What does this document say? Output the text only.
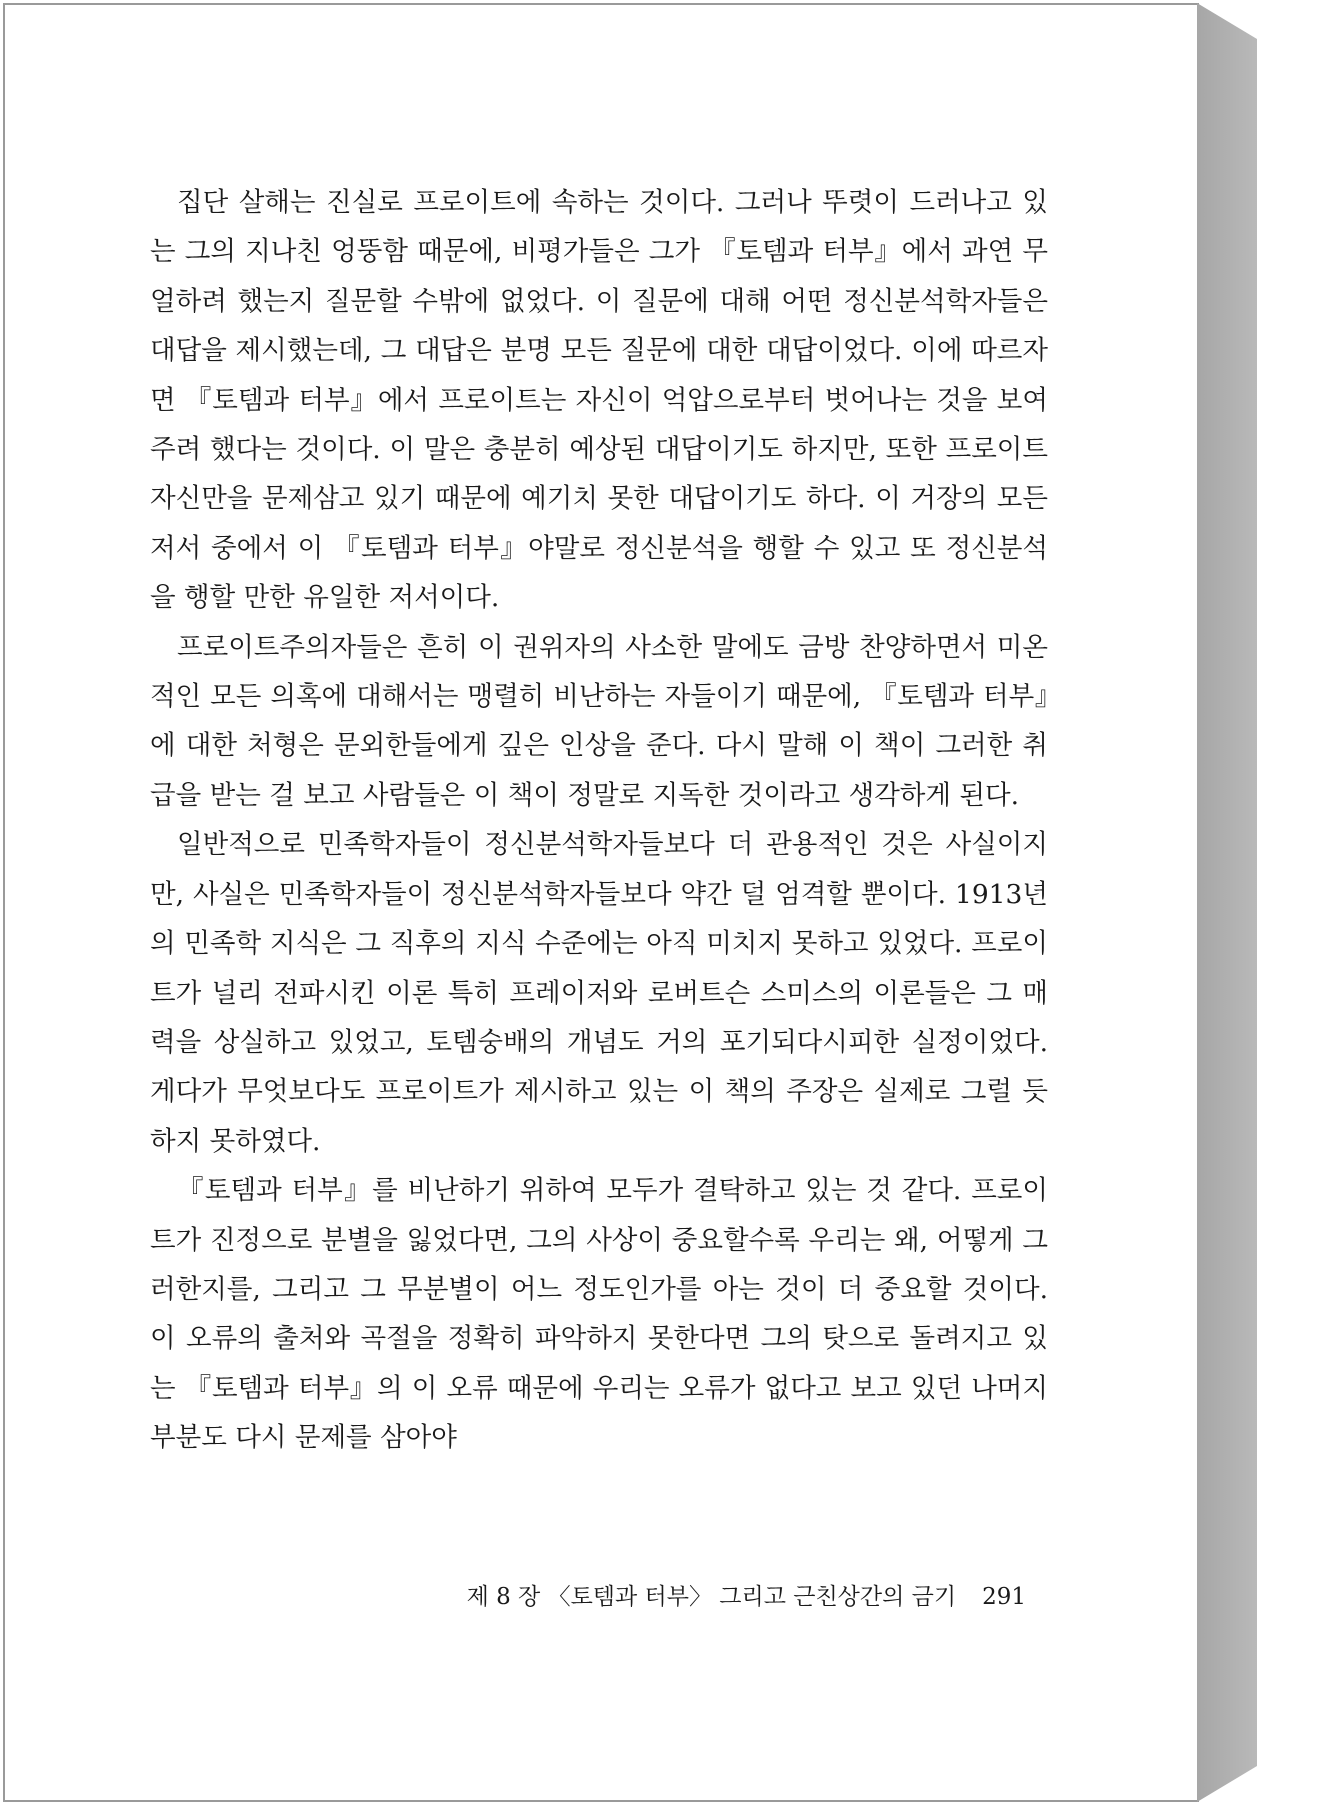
집단 살해는 진실로 프로이트에 속하는 것이다. 그러나 뚜렷이 드러나고 있는 그의 지나친 엉뚱함 때문에, 비평가들은 그가 『토템과 터부』에서 과연 무얼하려 했는지 질문할 수밖에 없었다. 이 질문에 대해 어떤 정신분석학자들은 대답을 제시했는데, 그 대답은 분명 모든 질문에 대한 대답이었다. 이에 따르자면 『토템과 터부』에서 프로이트는 자신이 억압으로부터 벗어나는 것을 보여주려 했다는 것이다. 이 말은 충분히 예상된 대답이기도 하지만, 또한 프로이트 자신만을 문제삼고 있기 때문에 예기치 못한 대답이기도 하다. 이 거장의 모든 저서 중에서 이 『토템과 터부』야말로 정신분석을 행할 수 있고 또 정신분석을 행할 만한 유일한 저서이다.

프로이트주의자들은 흔히 이 권위자의 사소한 말에도 금방 찬양하면서 미온적인 모든 의혹에 대해서는 맹렬히 비난하는 자들이기 때문에, 『토템과 터부』에 대한 처형은 문외한들에게 깊은 인상을 준다. 다시 말해 이 책이 그러한 취급을 받는 걸 보고 사람들은 이 책이 정말로 지독한 것이라고 생각하게 된다.

일반적으로 민족학자들이 정신분석학자들보다 더 관용적인 것은 사실이지만, 사실은 민족학자들이 정신분석학자들보다 약간 덜 엄격할 뿐이다. 1913년의 민족학 지식은 그 직후의 지식 수준에는 아직 미치지 못하고 있었다. 프로이트가 널리 전파시킨 이론 특히 프레이저와 로버트슨 스미스의 이론들은 그 매력을 상실하고 있었고, 토템숭배의 개념도 거의 포기되다시피한 실정이었다. 게다가 무엇보다도 프로이트가 제시하고 있는 이 책의 주장은 실제로 그럴 듯하지 못하였다.

『토템과 터부』를 비난하기 위하여 모두가 결탁하고 있는 것 같다. 프로이트가 진정으로 분별을 잃었다면, 그의 사상이 중요할수록 우리는 왜, 어떻게 그러한지를, 그리고 그 무분별이 어느 정도인가를 아는 것이 더 중요할 것이다. 이 오류의 출처와 곡절을 정확히 파악하지 못한다면 그의 탓으로 돌려지고 있는 『토템과 터부』의 이 오류 때문에 우리는 오류가 없다고 보고 있던 나머지 부분도 다시 문제를 삼아야

제 8 장 〈토템과 터부〉 그리고 근친상간의 금기 291
